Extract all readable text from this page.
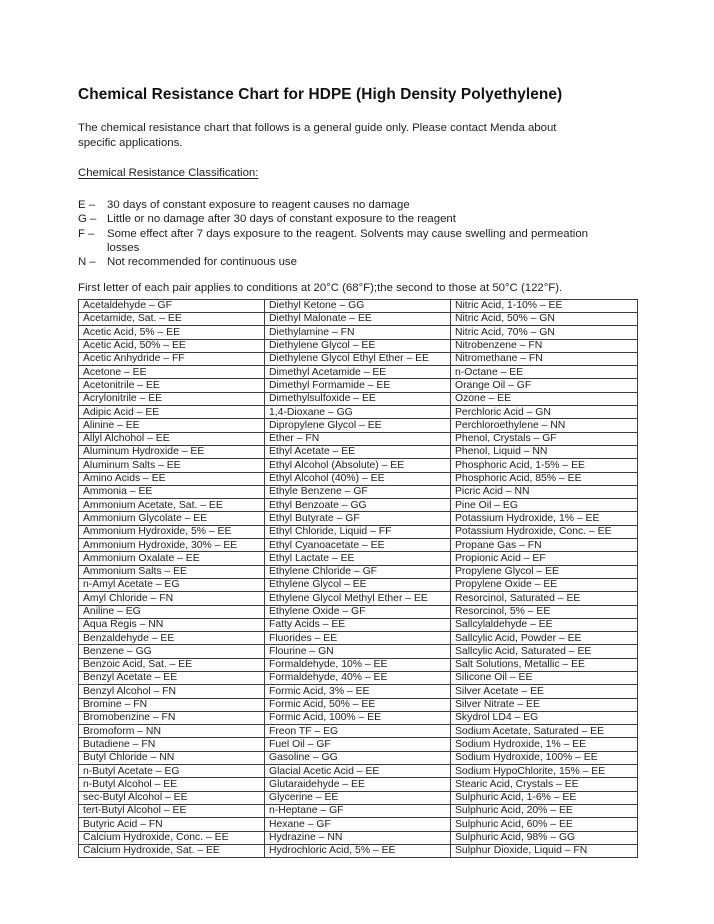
Chemical Resistance Chart for HDPE (High Density Polyethylene)

The chemical resistance chart that follows is a general guide only. Please contact Menda about specific applications.

Chemical Resistance Classification:

E –	30 days of constant exposure to reagent causes no damage
G – Little or no damage after 30 days of constant exposure to the reagent
F –	Some effect after 7 days exposure to the reagent. Solvents may cause swelling and permeation losses
N – Not recommended for continuous use

First letter of each pair applies to conditions at 20°C (68°F);the second to those at 50°C (122°F).

Acetaldehyde – GF	Diethyl Ketone – GG	Nitric Acid, 1-10% – EE
Acetamide, Sat. – EE	Diethyl Malonate – EE	Nitric Acid, 50% – GN
Acetic Acid, 5% – EE	Diethylamine – FN	Nitric Acid, 70% – GN
Acetic Acid, 50% – EE	Diethylene Glycol – EE	Nitrobenzene – FN
Acetic Anhydride – FF	Diethylene Glycol Ethyl Ether – EE	Nitromethane – FN
Acetone – EE	Dimethyl Acetamide – EE	n-Octane – EE
Acetonitrile – EE	Dimethyl Formamide – EE	Orange Oil – GF
Acrylonitrile – EE	Dimethylsulfoxide – EE	Ozone – EE
Adipic Acid – EE	1,4-Dioxane – GG	Perchloric Acid – GN
Alinine – EE	Dipropylene Glycol – EE	Perchloroethylene – NN
Allyl Alchohol – EE	Ether – FN	Phenol, Crystals – GF
Aluminum Hydroxide – EE	Ethyl Acetate – EE	Phenol, Liquid – NN
Aluminum Salts – EE	Ethyl Alcohol (Absolute) – EE	Phosphoric Acid, 1-5% – EE
Amino Acids – EE	Ethyl Alcohol (40%) – EE	Phosphoric Acid, 85% – EE
Ammonia – EE	Ethyle Benzene – GF	Picric Acid – NN
Ammonium Acetate, Sat. – EE	Ethyl Benzoate – GG	Pine Oil – EG
Ammonium Glycolate – EE	Ethyl Butyrate – GF	Potassium Hydroxide, 1% – EE
Ammonium Hydroxide, 5% – EE	Ethyl Chloride, Liquid – FF	Potassium Hydroxide, Conc. – EE
Ammonium Hydroxide, 30% – EE	Ethyl Cyanoacetate – EE	Propane Gas – FN
Ammonium Oxalate – EE	Ethyl Lactate – EE	Propionic Acid – EF
Ammonium Salts – EE	Ethylene Chloride – GF	Propylene Glycol – EE
n-Amyl Acetate – EG	Ethylene Glycol – EE	Propylene Oxide – EE
Amyl Chloride – FN	Ethylene Glycol Methyl Ether – EE	Resorcinol, Saturated – EE
Aniline – EG	Ethylene Oxide – GF	Resorcinol, 5% – EE
Aqua Regis – NN	Fatty Acids – EE	Sallcylaldehyde – EE
Benzaldehyde – EE	Fluorides – EE	Sallcylic Acid, Powder – EE
Benzene – GG	Flourine – GN	Sallcylic Acid, Saturated – EE
Benzoic Acid, Sat. – EE	Formaldehyde, 10% – EE	Salt Solutions, Metallic – EE
Benzyl Acetate – EE	Formaldehyde, 40% – EE	Silicone Oil – EE
Benzyl Alcohol – FN	Formic Acid, 3% – EE	Silver Acetate – EE
Bromine – FN	Formic Acid, 50% – EE	Silver Nitrate – EE
Bromobenzine – FN	Formic Acid, 100% – EE	Skydrol LD4 – EG
Bromoform – NN	Freon TF – EG	Sodium Acetate, Saturated – EE
Butadiene – FN	Fuel Oil – GF	Sodium Hydroxide, 1% – EE
Butyl Chloride – NN	Gasoline – GG	Sodium Hydroxide, 100% – EE
n-Butyl Acetate – EG	Glacial Acetic Acid – EE	Sodium HypoChlorite, 15% – EE
n-Butyl Alcohol – EE	Glutaraidehyde – EE	Stearic Acid, Crystals – EE
sec-Butyl Alcohol – EE	Glycerine – EE	Sulphuric Acid, 1-6% – EE
tert-Butyl Alcohol – EE	n-Heptane – GF	Sulphuric Acid, 20% – EE
Butyric Acid – FN	Hexane – GF	Sulphuric Acid, 60% – EE
Calcium Hydroxide, Conc. – EE	Hydrazine – NN	Sulphuric Acid, 98% – GG
Calcium Hydroxide, Sat. – EE	Hydrochloric Acid, 5% – EE	Sulphur Dioxide, Liquid – FN
